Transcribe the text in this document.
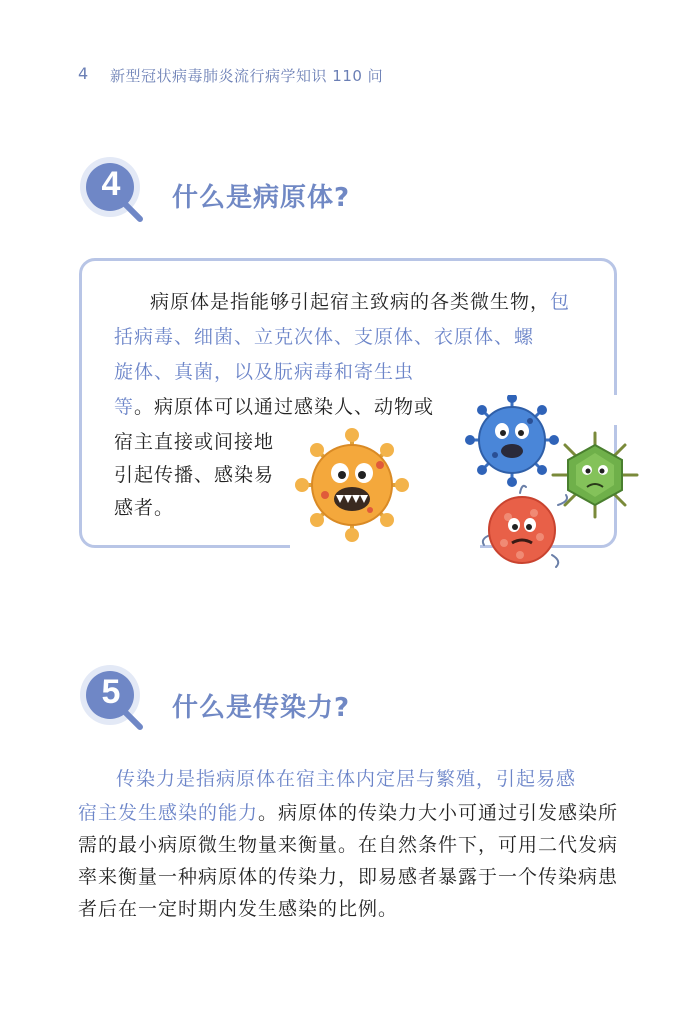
4 新型冠状病毒肺炎流行病学知识 110 问
4	什么是病原体?
病原体是指能够引起宿主致病的各类微生物，包
括病毒、细菌、立克次体、支原体、衣原体、螺
旋体、真菌，以及朊病毒和寄生虫
等。病原体可以通过感染人、动物或
宿主直接或间接地
引起传播、感染易
感者。
5	什么是传染力?
传染力是指病原体在宿主体内定居与繁殖，引起易感
宿主发生感染的能力。病原体的传染力大小可通过引发感染所
需的最小病原微生物量来衡量。在自然条件下，可用二代发病
率来衡量一种病原体的传染力，即易感者暴露于一个传染病患
者后在一定时期内发生感染的比例。
